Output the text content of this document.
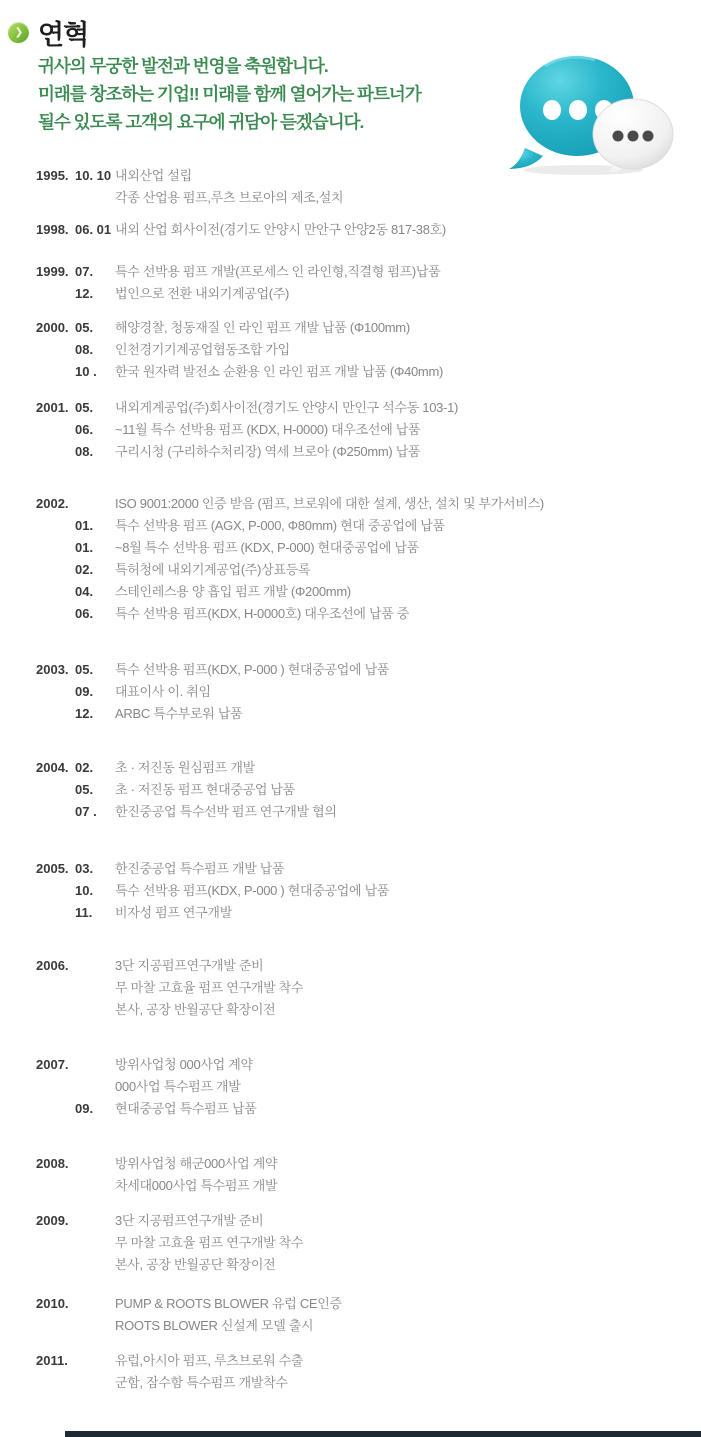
❯ 연혁

귀사의 무궁한 발전과 번영을 축원합니다.

미래를 창조하는 기업!! 미래를 함께 열어가는 파트너가

될수 있도록 고객의 요구에 귀담아 듣겠습니다.

1995. 10. 10 내외산업 설립
각종 산업용 펌프,루츠 브로아의 제조,설치
1998. 06. 01 내외 산업 회사이전(경기도 안양시 만안구 안양2동 817-38호)
1999. 07.	특수 선박용 펌프 개발(프로세스 인 라인형,직결형 펌프)납품
12.	법인으로 전환 내외기계공업(주)
2000. 05.	해양경찰, 청동재질 인 라인 펌프 개발 납품 (Φ100mm)
08.	인천경기기계공업협동조합 가입
10 .	한국 원자력 발전소 순환용 인 라인 펌프 개발 납품 (Φ40mm)
2001. 05.	내외게계공업(주)회사이전(경기도 안양시 만인구 석수동 103-1)
06.	~11월 특수 선박용 펌프 (KDX, H-0000) 대우조선에 납품
08.	구리시청 (구리하수처리장) 역세 브로아 (Φ250mm) 납품
2002.	ISO 9001:2000 인증 받음 (펌프, 브로워에 대한 설계, 생산, 설치 및 부가서비스)
01.	특수 선박용 펌프 (AGX, P-000, Φ80mm) 현대 중공업에 납품
01.	~8월 특수 선박용 펌프 (KDX, P-000) 현대중공업에 납품
02.	특허청에 내외기계공업(주)상표등록
04.	스테인레스용 양 흡입 펌프 개발 (Φ200mm)
06.	특수 선박용 펌프(KDX, H-0000호) 대우조선에 납품 중
2003. 05.	특수 선박용 펌프(KDX, P-000 ) 현대중공업에 납품
09.	대표이사 이. 취임
12.	ARBC 특수부로워 납품
2004. 02.	초 · 저진동 원심펌프 개발
05.	초 · 저진동 펌프 현대중공업 납품
07 .	한진중공업 특수선박 펌프 연구개발 협의
2005. 03.	한진중공업 특수펌프 개발 납품
10.	특수 선박용 펌프(KDX, P-000 ) 현대중공업에 납품
11.	비자성 펌프 연구개발
2006.	3단 지공펌프연구개발 준비
무 마찰 고효율 펌프 연구개발 착수
본사, 공장 반월공단 확장이전
2007.	방위사업청 000사업 계약
000사업 특수펌프 개발
09.	현대중공업 특수펌프 납품
2008.	방위사업청 해군000사업 계약
차세대000사업 특수펌프 개발
2009.	3단 지공펌프연구개발 준비
무 마찰 고효율 펌프 연구개발 착수
본사, 공장 반월공단 확장이전
2010.	PUMP & ROOTS BLOWER 유럽 CE인증
ROOTS BLOWER 신설계 모델 출시
2011.	유럽,아시아 펌프, 루츠브로워 수출
군함, 잠수함 특수펌프 개발착수
